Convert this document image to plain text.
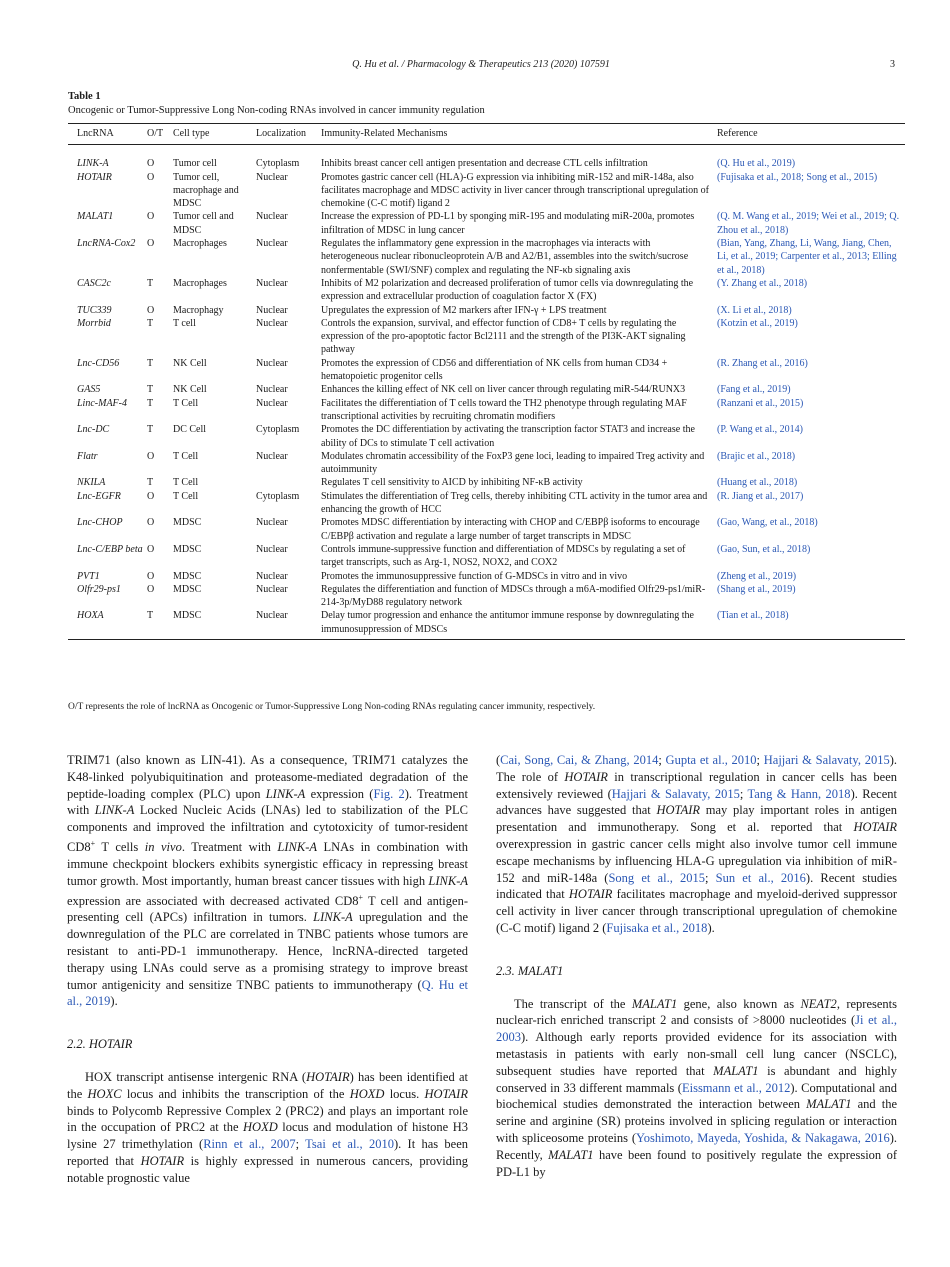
Q. Hu et al. / Pharmacology & Therapeutics 213 (2020) 107591	3
Table 1
Oncogenic or Tumor-Suppressive Long Non-coding RNAs involved in cancer immunity regulation
LncRNA	O/T	Cell type	Localization	Immunity-Related Mechanisms	Reference
LINK-A	O	Tumor cell	Cytoplasm	Inhibits breast cancer cell antigen presentation and decrease CTL cells infiltration	(Q. Hu et al., 2019)
HOTAIR	O	Tumor cell, macrophage and MDSC	Nuclear	Promotes gastric cancer cell (HLA)-G expression via inhibiting miR-152 and miR-148a, also facilitates macrophage and MDSC activity in liver cancer through transcriptional upregulation of chemokine (C-C motif) ligand 2	(Fujisaka et al., 2018; Song et al., 2015)
MALAT1	O	Tumor cell and MDSC	Nuclear	Increase the expression of PD-L1 by sponging miR-195 and modulating miR-200a, promotes infiltration of MDSC in lung cancer	(Q. M. Wang et al., 2019; Wei et al., 2019; Q. Zhou et al., 2018)
LncRNA-Cox2	O	Macrophages	Nuclear	Regulates the inflammatory gene expression in the macrophages via interacts with heterogeneous nuclear ribonucleoprotein A/B and A2/B1, assembles into the switch/sucrose nonfermentable (SWI/SNF) complex and regulating the NF-κb signaling axis	(Bian, Yang, Zhang, Li, Wang, Jiang, Chen, Li, et al., 2019; Carpenter et al., 2013; Elling et al., 2018)
CASC2c	T	Macrophages	Nuclear	Inhibits of M2 polarization and decreased proliferation of tumor cells via downregulating the expression and extracellular production of coagulation factor X (FX)	(Y. Zhang et al., 2018)
TUC339	O	Macrophagy	Nuclear	Upregulates the expression of M2 markers after IFN-γ + LPS treatment	(X. Li et al., 2018)
Morrbid	T	T cell	Nuclear	Controls the expansion, survival, and effector function of CD8+ T cells by regulating the expression of the pro-apoptotic factor Bcl2111 and the strength of the PI3K-AKT signaling pathway	(Kotzin et al., 2019)
Lnc-CD56	T	NK Cell	Nuclear	Promotes the expression of CD56 and differentiation of NK cells from human CD34 + hematopoietic progenitor cells	(R. Zhang et al., 2016)
GAS5	T	NK Cell	Nuclear	Enhances the killing effect of NK cell on liver cancer through regulating miR-544/RUNX3	(Fang et al., 2019)
Linc-MAF-4	T	T Cell	Nuclear	Facilitates the differentiation of T cells toward the TH2 phenotype through regulating MAF transcriptional activities by recruiting chromatin modifiers	(Ranzani et al., 2015)
Lnc-DC	T	DC Cell	Cytoplasm	Promotes the DC differentiation by activating the transcription factor STAT3 and increase the ability of DCs to stimulate T cell activation	(P. Wang et al., 2014)
Flatr	O	T Cell	Nuclear	Modulates chromatin accessibility of the FoxP3 gene loci, leading to impaired Treg activity and autoimmunity	(Brajic et al., 2018)
NKILA	T	T Cell		Regulates T cell sensitivity to AICD by inhibiting NF-κB activity	(Huang et al., 2018)
Lnc-EGFR	O	T Cell	Cytoplasm	Stimulates the differentiation of Treg cells, thereby inhibiting CTL activity in the tumor area and enhancing the growth of HCC	(R. Jiang et al., 2017)
Lnc-CHOP	O	MDSC	Nuclear	Promotes MDSC differentiation by interacting with CHOP and C/EBPβ isoforms to encourage C/EBPβ activation and regulate a large number of target transcripts in MDSC	(Gao, Wang, et al., 2018)
Lnc-C/EBP beta	O	MDSC	Nuclear	Controls immune-suppressive function and differentiation of MDSCs by regulating a set of target transcripts, such as Arg-1, NOS2, NOX2, and COX2	(Gao, Sun, et al., 2018)
PVT1	O	MDSC	Nuclear	Promotes the immunosuppressive function of G-MDSCs in vitro and in vivo	(Zheng et al., 2019)
Olfr29-ps1	O	MDSC	Nuclear	Regulates the differentiation and function of MDSCs through a m6A-modified Olfr29-ps1/miR-214-3p/MyD88 regulatory network	(Shang et al., 2019)
HOXA	T	MDSC	Nuclear	Delay tumor progression and enhance the antitumor immune response by downregulating the immunosuppression of MDSCs	(Tian et al., 2018)
O/T represents the role of lncRNA as Oncogenic or Tumor-Suppressive Long Non-coding RNAs regulating cancer immunity, respectively.

TRIM71 (also known as LIN-41). As a consequence, TRIM71 catalyzes the K48-linked polyubiquitination and proteasome-mediated degradation of the peptide-loading complex (PLC) upon LINK-A expression (Fig. 2). Treatment with LINK-A Locked Nucleic Acids (LNAs) led to stabilization of the PLC components and improved the infiltration and cytotoxicity of tumor-resident CD8+ T cells in vivo. Treatment with LINK-A LNAs in combination with immune checkpoint blockers exhibits synergistic efficacy in repressing breast tumor growth. Most importantly, human breast cancer tissues with high LINK-A expression are associated with decreased activated CD8+ T cell and antigen-presenting cell (APCs) infiltration in tumors. LINK-A upregulation and the downregulation of the PLC are correlated in TNBC patients whose tumors are resistant to anti-PD-1 immunotherapy. Hence, lncRNA-directed targeted therapy using LNAs could serve as a promising strategy to improve breast tumor antigenicity and sensitize TNBC patients to immunotherapy (Q. Hu et al., 2019).

2.2. HOTAIR

HOX transcript antisense intergenic RNA (HOTAIR) has been identified at the HOXC locus and inhibits the transcription of the HOXD locus. HOTAIR binds to Polycomb Repressive Complex 2 (PRC2) and plays an important role in the occupation of PRC2 at the HOXD locus and modulation of histone H3 lysine 27 trimethylation (Rinn et al., 2007; Tsai et al., 2010). It has been reported that HOTAIR is highly expressed in numerous cancers, providing notable prognostic value

(Cai, Song, Cai, & Zhang, 2014; Gupta et al., 2010; Hajjari & Salavaty, 2015). The role of HOTAIR in transcriptional regulation in cancer cells has been extensively reviewed (Hajjari & Salavaty, 2015; Tang & Hann, 2018). Recent advances have suggested that HOTAIR may play important roles in antigen presentation and immunotherapy. Song et al. reported that HOTAIR overexpression in gastric cancer cells might also involve tumor cell immune escape mechanisms by influencing HLA-G upregulation via inhibition of miR-152 and miR-148a (Song et al., 2015; Sun et al., 2016). Recent studies indicated that HOTAIR facilitates macrophage and myeloid-derived suppressor cell activity in liver cancer through transcriptional upregulation of chemokine (C-C motif) ligand 2 (Fujisaka et al., 2018).

2.3. MALAT1

The transcript of the MALAT1 gene, also known as NEAT2, represents nuclear-rich enriched transcript 2 and consists of >8000 nucleotides (Ji et al., 2003). Although early reports provided evidence for its association with metastasis in patients with early non-small cell lung cancer (NSCLC), subsequent studies have reported that MALAT1 is abundant and highly conserved in 33 different mammals (Eissmann et al., 2012). Computational and biochemical studies demonstrated the interaction between MALAT1 and the serine and arginine (SR) proteins involved in splicing regulation or interaction with spliceosome proteins (Yoshimoto, Mayeda, Yoshida, & Nakagawa, 2016). Recently, MALAT1 have been found to positively regulate the expression of PD-L1 by
